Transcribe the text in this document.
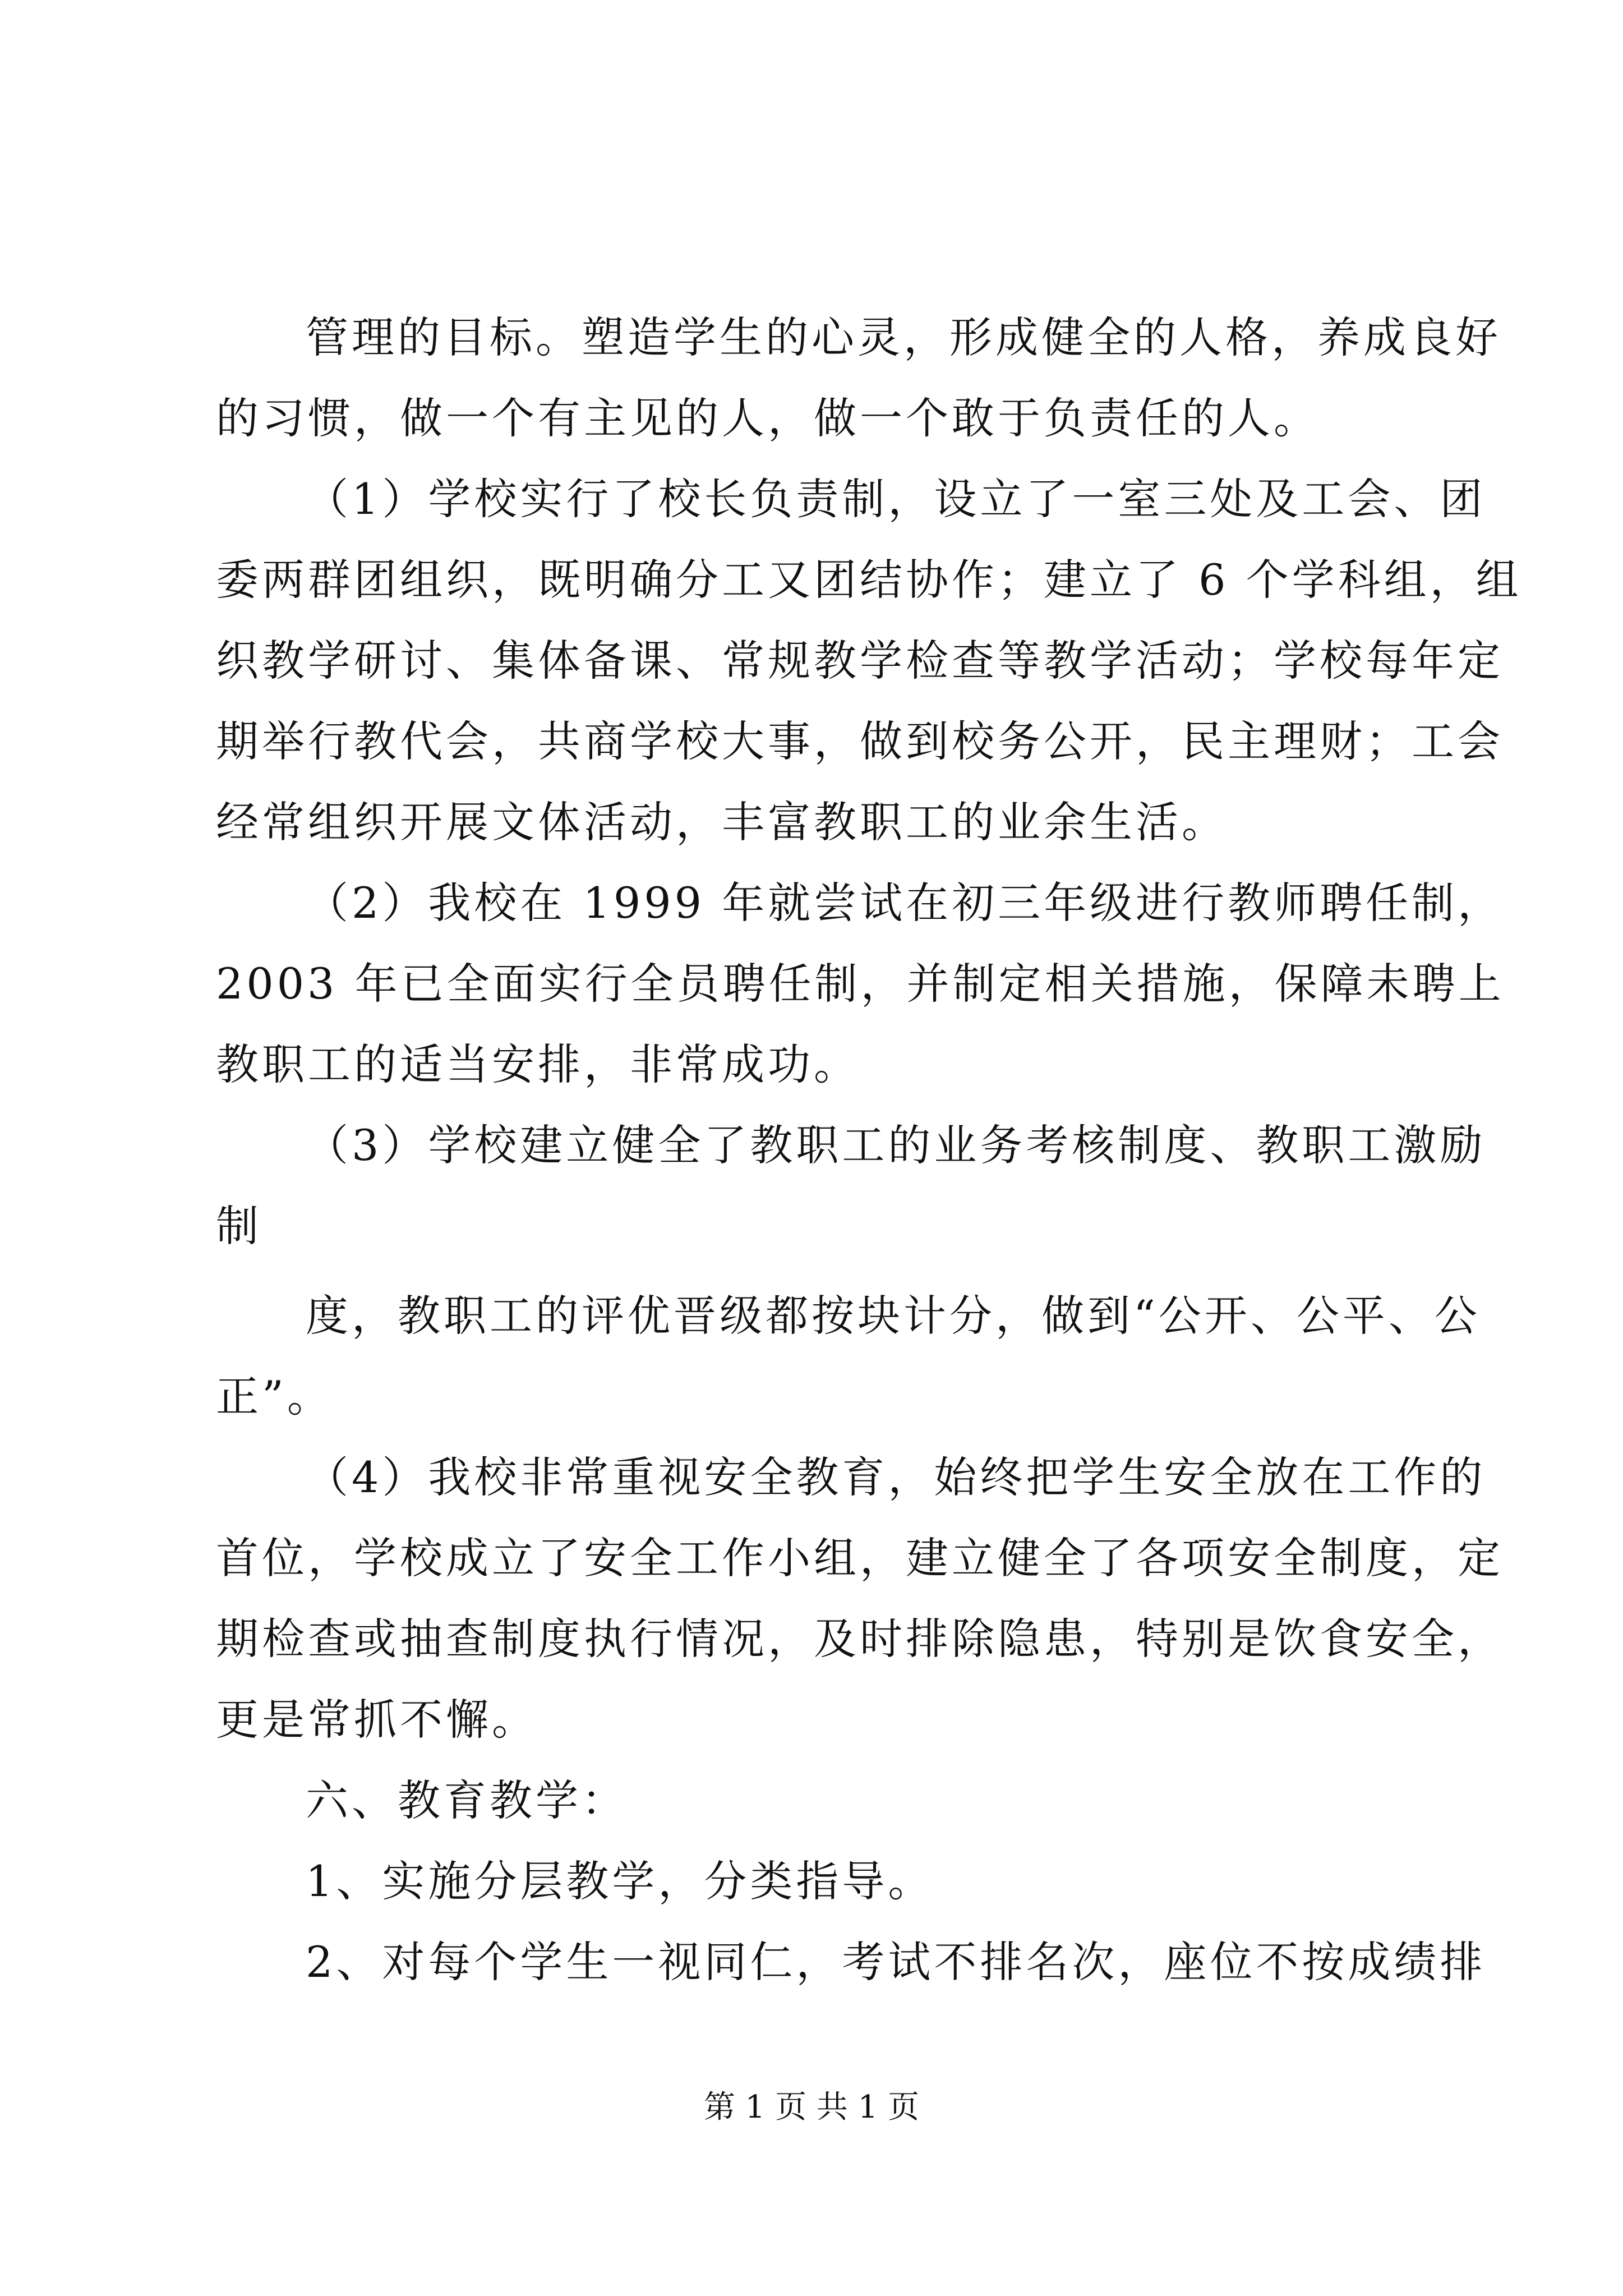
管理的目标。塑造学生的心灵，形成健全的人格，养成良好
的习惯，做一个有主见的人，做一个敢于负责任的人。
（1）学校实行了校长负责制，设立了一室三处及工会、团
委两群团组织，既明确分工又团结协作；建立了 6 个学科组，组
织教学研讨、集体备课、常规教学检查等教学活动；学校每年定
期举行教代会，共商学校大事，做到校务公开，民主理财；工会
经常组织开展文体活动，丰富教职工的业余生活。
（2）我校在 1999 年就尝试在初三年级进行教师聘任制，
2003 年已全面实行全员聘任制，并制定相关措施，保障未聘上
教职工的适当安排，非常成功。
（3）学校建立健全了教职工的业务考核制度、教职工激励
制
度，教职工的评优晋级都按块计分，做到“公开、公平、公
正”。
（4）我校非常重视安全教育，始终把学生安全放在工作的
首位，学校成立了安全工作小组，建立健全了各项安全制度，定
期检查或抽查制度执行情况，及时排除隐患，特别是饮食安全，
更是常抓不懈。
六、教育教学：
1、实施分层教学，分类指导。
2、对每个学生一视同仁，考试不排名次，座位不按成绩排
第 1 页 共 1 页
